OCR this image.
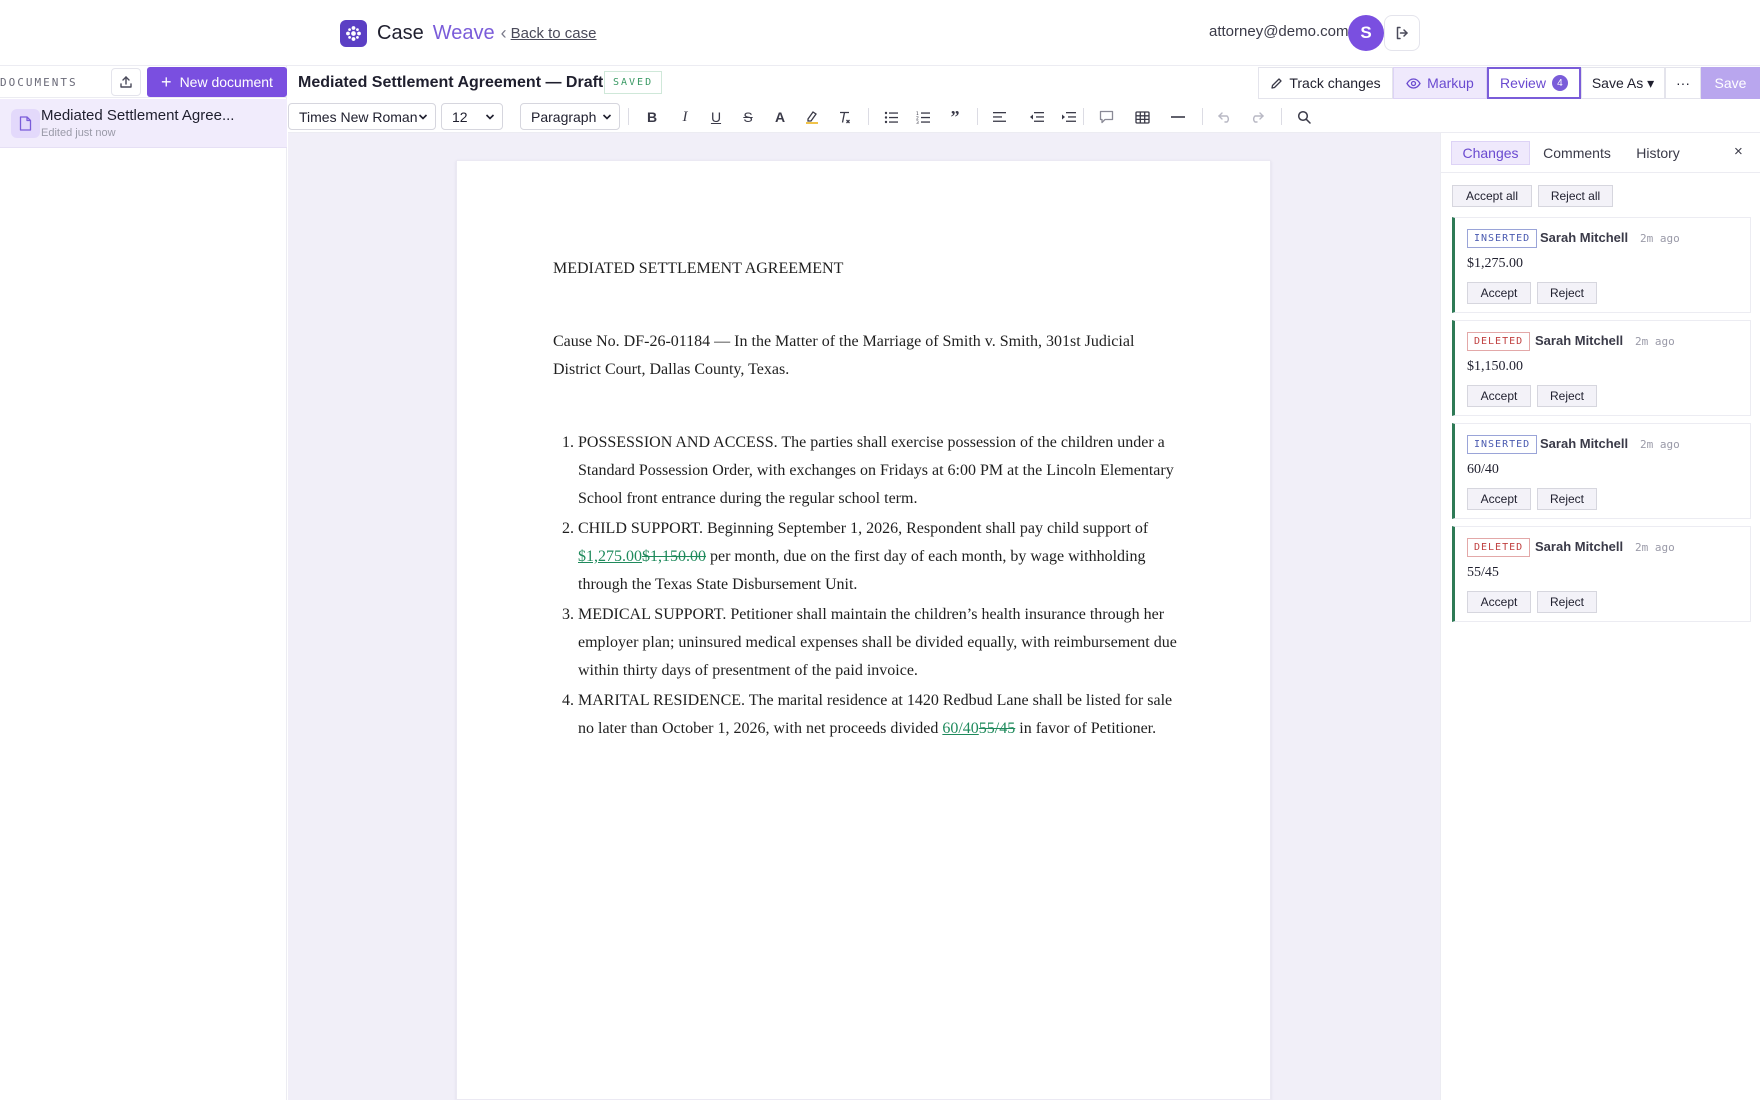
Case Weave ‹ Back to case	attorney@demo.com S
DOCUMENTS	+ New document
Mediated Settlement Agree...
Edited just now
Mediated Settlement Agreement — Draft SAVED	Track changes	Markup Review	4	Save As ▾	···	Save
Times New Roman 12	Paragraph	B	I	U	S	A	1
2
3	”

MEDIATED SETTLEMENT AGREEMENT

Cause No. DF-26-01184 — In the Matter of the Marriage of Smith v. Smith, 301st Judicial District Court, Dallas County, Texas.

1. POSSESSION AND ACCESS. The parties shall exercise possession of the children under a Standard Possession Order, with exchanges on Fridays at 6:00 PM at the Lincoln Elementary School front entrance during the regular school term.
2. CHILD SUPPORT. Beginning September 1, 2026, Respondent shall pay child support of $1,275.00$1,150.00 per month, due on the first day of each month, by wage withholding through the Texas State Disbursement Unit.
3. MEDICAL SUPPORT. Petitioner shall maintain the children’s health insurance through her employer plan; uninsured medical expenses shall be divided equally, with reimbursement due within thirty days of presentment of the paid invoice.
4. MARITAL RESIDENCE. The marital residence at 1420 Redbud Lane shall be listed for sale no later than October 1, 2026, with net proceeds divided 60/4055/45 in favor of Petitioner.
Changes	Comments	History	×
Accept all	Reject all
INSERTED Sarah Mitchell 2m ago
$1,275.00
Accept	Reject
DELETED Sarah Mitchell 2m ago
$1,150.00
Accept	Reject
INSERTED Sarah Mitchell 2m ago
60/40
Accept	Reject
DELETED Sarah Mitchell 2m ago
55/45
Accept	Reject
